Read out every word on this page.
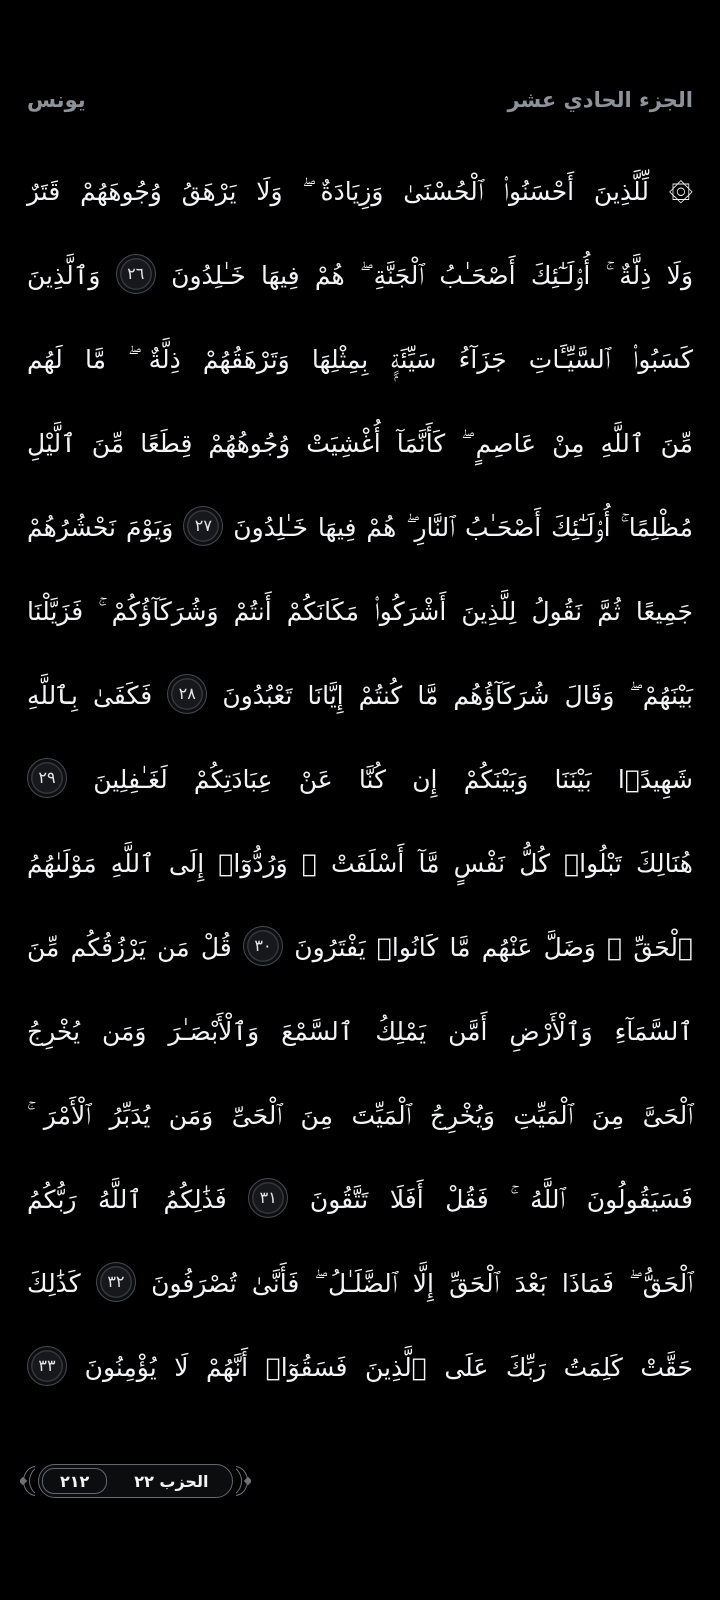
الجزء الحادي عشر
يونس

۞ لِّلَّذِينَ أَحْسَنُوا۟ ٱلْحُسْنَىٰ وَزِيَادَةٌ ۖ وَلَا يَرْهَقُ وُجُوهَهُمْ قَتَرٌ

وَلَا ذِلَّةٌ ۚ أُو۟لَـٰٓئِكَ أَصْحَـٰبُ ٱلْجَنَّةِ ۖ هُمْ فِيهَا خَـٰلِدُونَ ٢٦ وَٱلَّذِينَ

كَسَبُوا۟ ٱلسَّيِّـَٔاتِ جَزَآءُ سَيِّئَةٍۭ بِمِثْلِهَا وَتَرْهَقُهُمْ ذِلَّةٌ ۖ مَّا لَهُم

مِّنَ ٱللَّهِ مِنْ عَاصِمٍ ۖ كَأَنَّمَآ أُغْشِيَتْ وُجُوهُهُمْ قِطَعًا مِّنَ ٱلَّيْلِ

مُظْلِمًا ۚ أُو۟لَـٰٓئِكَ أَصْحَـٰبُ ٱلنَّارِ ۖ هُمْ فِيهَا خَـٰلِدُونَ ٢٧ وَيَوْمَ نَحْشُرُهُمْ

جَمِيعًا ثُمَّ نَقُولُ لِلَّذِينَ أَشْرَكُوا۟ مَكَانَكُمْ أَنتُمْ وَشُرَكَآؤُكُمْ ۚ فَزَيَّلْنَا

بَيْنَهُمْ ۖ وَقَالَ شُرَكَآؤُهُم مَّا كُنتُمْ إِيَّانَا تَعْبُدُونَ ٢٨ فَكَفَىٰ بِٱللَّهِ

شَهِيدًۢا بَيْنَنَا وَبَيْنَكُمْ إِن كُنَّا عَنْ عِبَادَتِكُمْ لَغَـٰفِلِينَ ٢٩

هُنَالِكَ تَبْلُوا۟ كُلُّ نَفْسٍ مَّآ أَسْلَفَتْ ۚ وَرُدُّوٓا۟ إِلَى ٱللَّهِ مَوْلَىٰهُمُ

ٱلْحَقِّ ۖ وَضَلَّ عَنْهُم مَّا كَانُوا۟ يَفْتَرُونَ ٣٠ قُلْ مَن يَرْزُقُكُم مِّنَ

ٱلسَّمَآءِ وَٱلْأَرْضِ أَمَّن يَمْلِكُ ٱلسَّمْعَ وَٱلْأَبْصَـٰرَ وَمَن يُخْرِجُ

ٱلْحَىَّ مِنَ ٱلْمَيِّتِ وَيُخْرِجُ ٱلْمَيِّتَ مِنَ ٱلْحَىِّ وَمَن يُدَبِّرُ ٱلْأَمْرَ ۚ

فَسَيَقُولُونَ ٱللَّهُ ۚ فَقُلْ أَفَلَا تَتَّقُونَ ٣١ فَذَٰلِكُمُ ٱللَّهُ رَبُّكُمُ

ٱلْحَقُّ ۖ فَمَاذَا بَعْدَ ٱلْحَقِّ إِلَّا ٱلضَّلَـٰلُ ۖ فَأَنَّىٰ تُصْرَفُونَ ٣٢ كَذَٰلِكَ

حَقَّتْ كَلِمَتُ رَبِّكَ عَلَى ٱلَّذِينَ فَسَقُوٓا۟ أَنَّهُمْ لَا يُؤْمِنُونَ ٣٣

٢١٢	الحزب ٢٢
